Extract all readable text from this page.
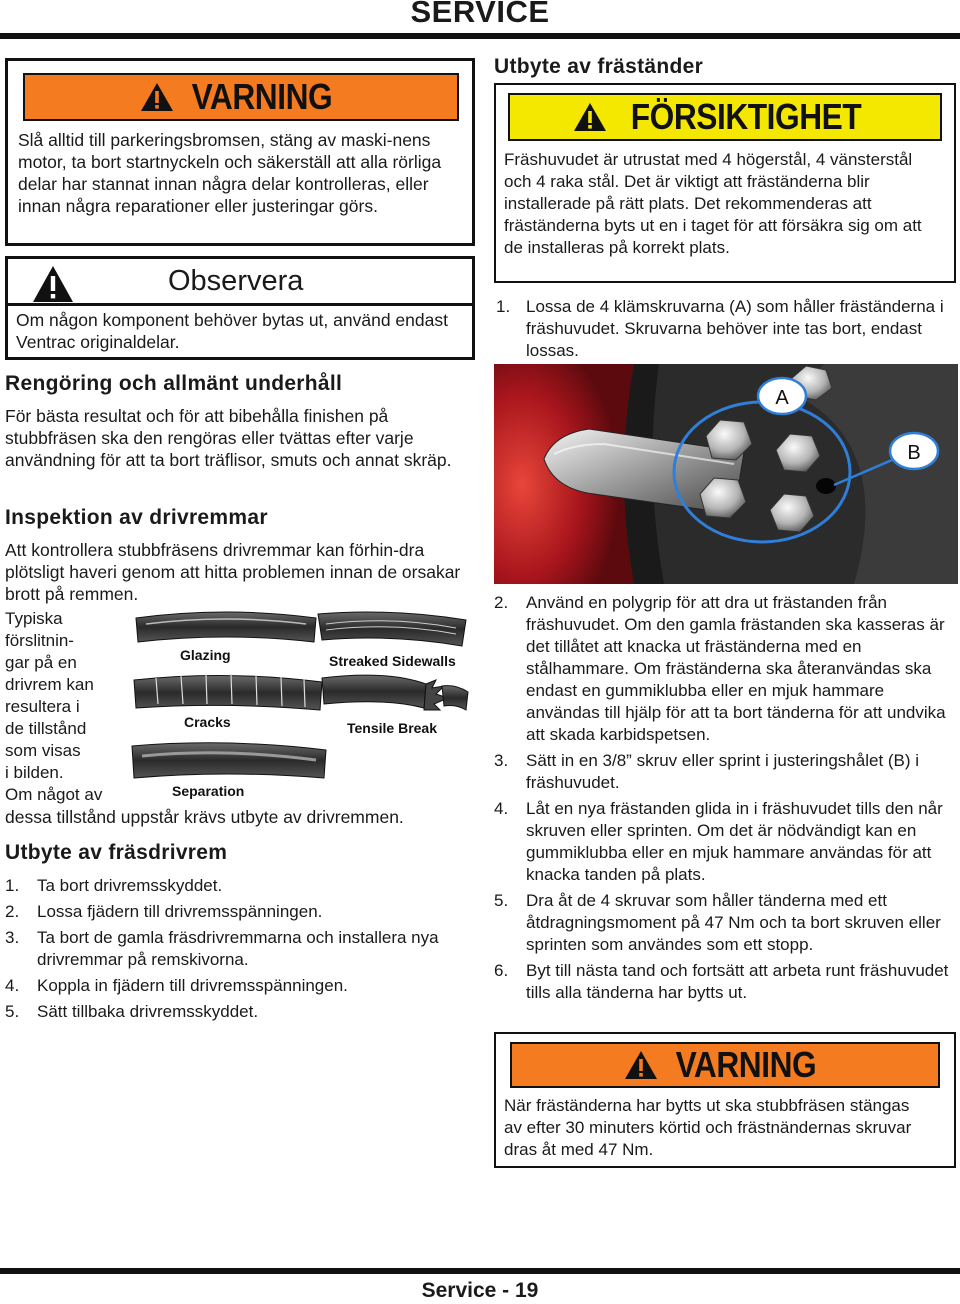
SERVICE
VARNING
Slå alltid till parkeringsbromsen, stäng av maski-nens motor, ta bort startnyckeln och säkerställ att alla rörliga delar har stannat innan några delar kontrolleras, eller innan några reparationer eller justeringar görs.
Observera
Om någon komponent behöver bytas ut, använd endast Ventrac originaldelar.
Rengöring och allmänt underhåll
För bästa resultat och för att bibehålla finishen på stubbfräsen ska den rengöras eller tvättas efter varje användning för att ta bort träflisor, smuts och annat skräp.
Inspektion av drivremmar
Att kontrollera stubbfräsens drivremmar kan förhin-dra plötsligt haveri genom att hitta problemen innan de orsakar brott på remmen.
Typiska
förslitnin-
gar på en
drivrem kan
resultera i
de tillstånd
som visas
i bilden.
Om något av
dessa tillstånd uppstår krävs utbyte av drivremmen.
Glazing	Streaked Sidewalls
Cracks	Tensile Break
Separation
Utbyte av fräsdrivrem
1. Ta bort drivremsskyddet.
2. Lossa fjädern till drivremsspänningen.
3. Ta bort de gamla fräsdrivremmarna och installera nya drivremmar på remskivorna.
4. Koppla in fjädern till drivremsspänningen.
5. Sätt tillbaka drivremsskyddet.
Utbyte av fräständer
FÖRSIKTIGHET
Fräshuvudet är utrustat med 4 högerstål, 4 vänsterstål och 4 raka stål. Det är viktigt att fräständerna blir installerade på rätt plats. Det rekommenderas att fräständerna byts ut en i taget för att försäkra sig om att de installeras på korrekt plats.
1. Lossa de 4 klämskruvarna (A) som håller fräständerna i fräshuvudet. Skruvarna behöver inte tas bort, endast lossas.
A
B
2. Använd en polygrip för att dra ut frästanden från fräshuvudet. Om den gamla frästanden ska kasseras är det tillåtet att knacka ut fräständerna med en stålhammare. Om fräständerna ska återanvändas ska endast en gummiklubba eller en mjuk hammare användas till hjälp för att ta bort tänderna för att undvika att skada karbidspetsen.
3. Sätt in en 3/8” skruv eller sprint i justeringshålet (B) i fräshuvudet.
4. Låt en nya frästanden glida in i fräshuvudet tills den når skruven eller sprinten. Om det är nödvändigt kan en gummiklubba eller en mjuk hammare användas för att knacka tanden på plats.
5. Dra åt de 4 skruvar som håller tänderna med ett åtdragningsmoment på 47 Nm och ta bort skruven eller sprinten som användes som ett stopp.
6. Byt till nästa tand och fortsätt att arbeta runt fräshuvudet tills alla tänderna har bytts ut.
VARNING
När fräständerna har bytts ut ska stubbfräsen stängas av efter 30 minuters körtid och frästnändernas skruvar dras åt med 47 Nm.
Service - 19
